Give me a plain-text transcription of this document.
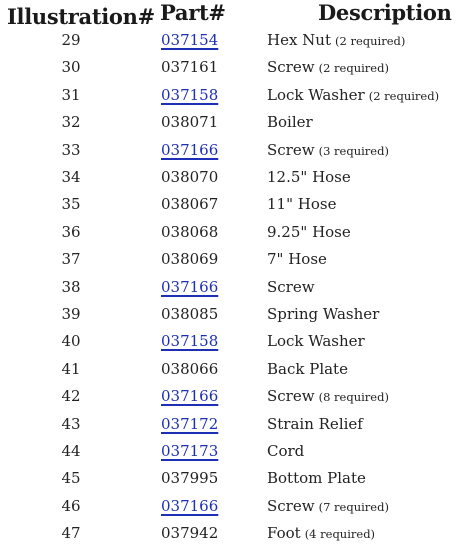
Illustration# Part#	Description
29	037154	Hex Nut (2 required)
30	037161	Screw (2 required)
31	037158	Lock Washer (2 required)
32	038071	Boiler
33	037166	Screw (3 required)
34	038070	12.5" Hose
35	038067	11" Hose
36	038068	9.25" Hose
37	038069	7" Hose
38	037166	Screw
39	038085	Spring Washer
40	037158	Lock Washer
41	038066	Back Plate
42	037166	Screw (8 required)
43	037172	Strain Relief
44	037173	Cord
45	037995	Bottom Plate
46	037166	Screw (7 required)
47	037942	Foot (4 required)
